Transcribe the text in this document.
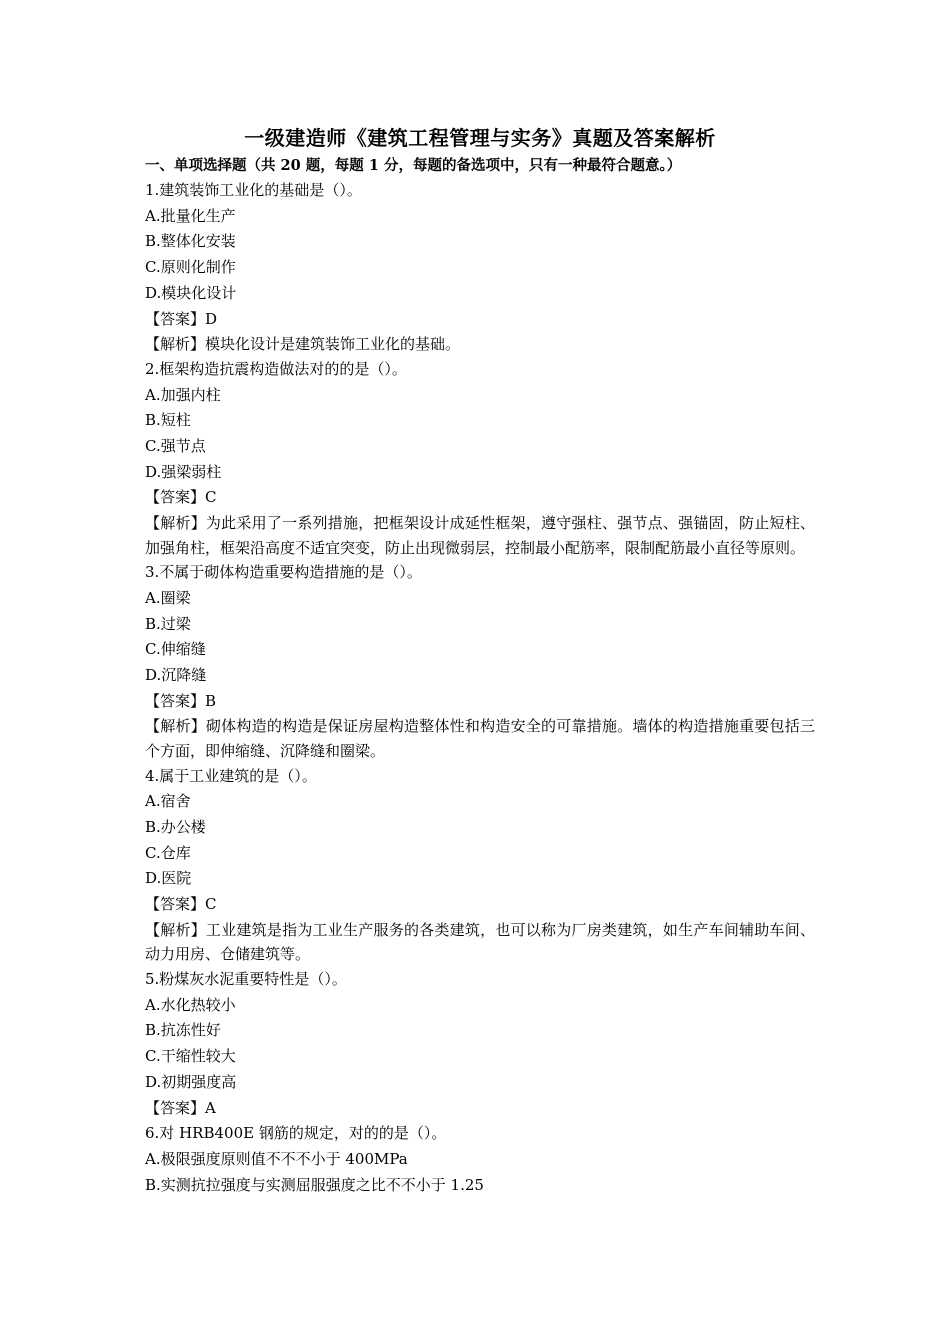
一级建造师《建筑工程管理与实务》真题及答案解析
一、单项选择题（共 20 题，每题 1 分，每题的备选项中，只有一种最符合题意。）

1.建筑装饰工业化的基础是（）。

A.批量化生产

B.整体化安装

C.原则化制作

D.模块化设计

【答案】D

【解析】模块化设计是建筑装饰工业化的基础。

2.框架构造抗震构造做法对的的是（）。

A.加强内柱

B.短柱

C.强节点

D.强梁弱柱

【答案】C

【解析】为此采用了一系列措施，把框架设计成延性框架，遵守强柱、强节点、强锚固，防止短柱、加强角柱，框架沿高度不适宜突变，防止出现微弱层，控制最小配筋率，限制配筋最小直径等原则。

3.不属于砌体构造重要构造措施的是（）。

A.圈梁

B.过梁

C.伸缩缝

D.沉降缝

【答案】B

【解析】砌体构造的构造是保证房屋构造整体性和构造安全的可靠措施。墙体的构造措施重要包括三个方面，即伸缩缝、沉降缝和圈梁。

4.属于工业建筑的是（）。

A.宿舍

B.办公楼

C.仓库

D.医院

【答案】C

【解析】工业建筑是指为工业生产服务的各类建筑，也可以称为厂房类建筑，如生产车间辅助车间、动力用房、仓储建筑等。

5.粉煤灰水泥重要特性是（）。

A.水化热较小

B.抗冻性好

C.干缩性较大

D.初期强度高

【答案】A

6.对 HRB400E 钢筋的规定，对的的是（）。

A.极限强度原则值不不不小于 400MPa

B.实测抗拉强度与实测屈服强度之比不不小于 1.25
